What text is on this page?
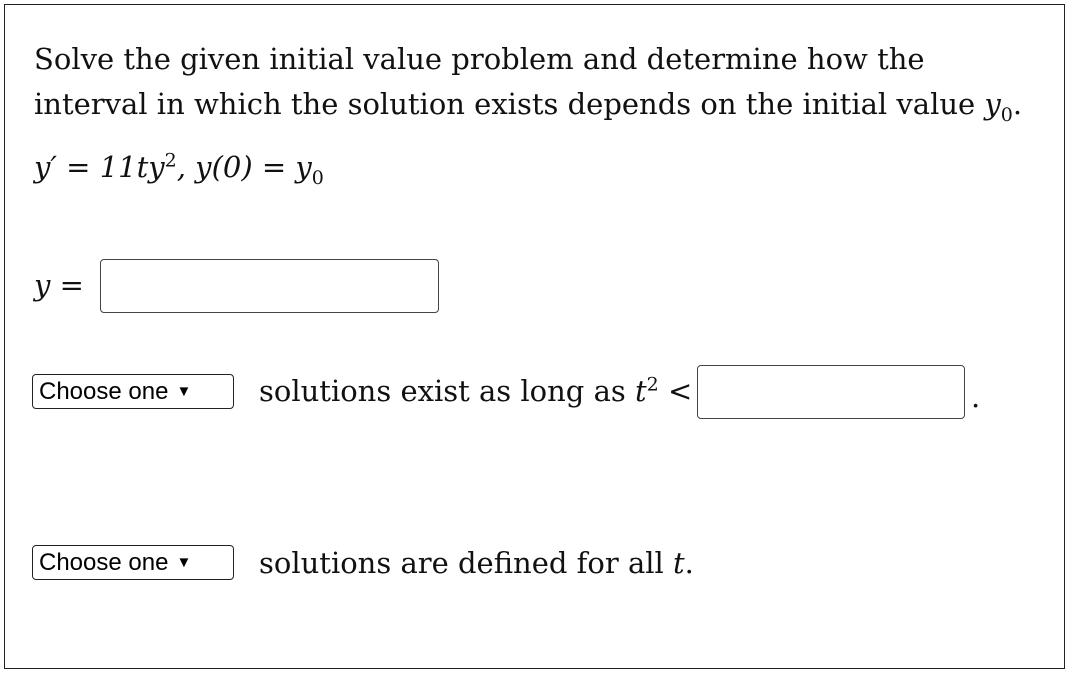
Solve the given initial value problem and determine how the
interval in which the solution exists depends on the initial value $y_0$.
$y' = 11ty^2$, $y(0) = y_0$
y =
Choose one ▼ solutions exist as long as $t^2$ <	.
Choose one ▼ solutions are defined for all t.
